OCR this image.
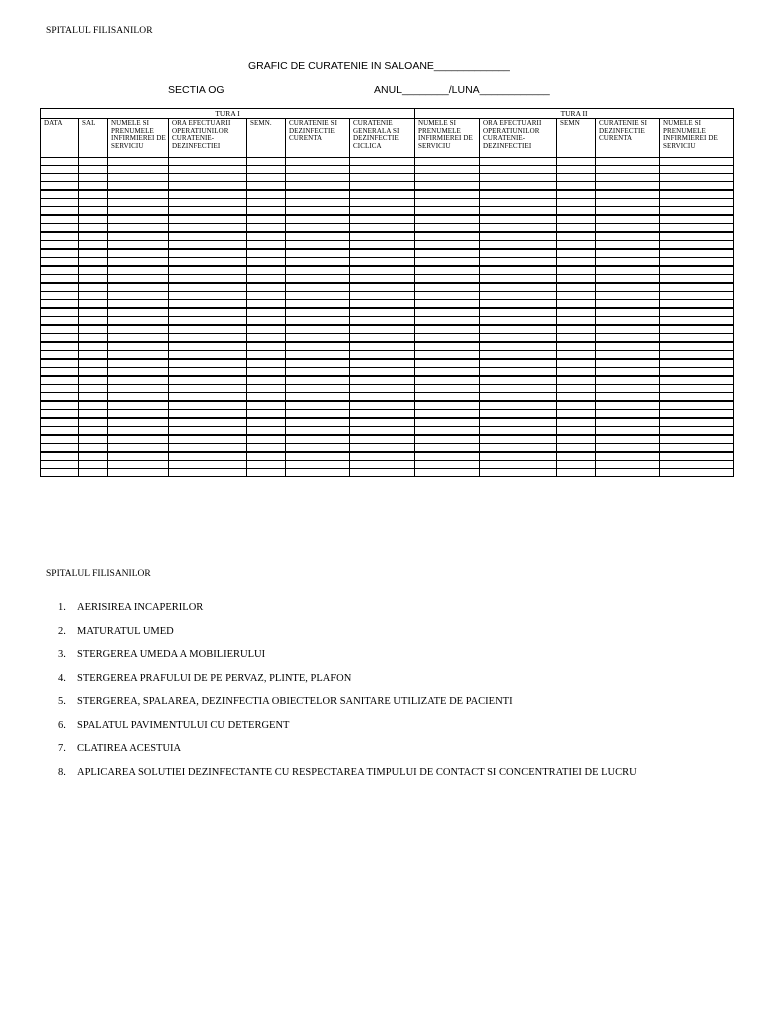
SPITALUL FILISANILOR
GRAFIC DE CURATENIE IN SALOANE_____________
SECTIA OG	ANUL________/LUNA____________
TURA I							TURA II				
DATA	SAL	NUMELE SI PRENUMELE INFIRMIEREI DE SERVICIU	ORA EFECTUARII OPERATIUNILOR CURATENIE-DEZINFECTIEI	SEMN.	CURATENIE SI DEZINFECTIE CURENTA	CURATENIE GENERALA SI DEZINFECTIE CICLICA	NUMELE SI PRENUMELE INFIRMIEREI DE SERVICIU	ORA EFECTUARII OPERATIUNILOR CURATENIE-DEZINFECTIEI	SEMN	CURATENIE SI DEZINFECTIE CURENTA	NUMELE SI PRENUMELE INFIRMIEREI DE SERVICIU

SPITALUL FILISANILOR
1.	AERISIREA INCAPERILOR
2.	MATURATUL UMED
3.	STERGEREA UMEDA A MOBILIERULUI
4.	STERGEREA PRAFULUI DE PE PERVAZ, PLINTE, PLAFON
5.	STERGEREA, SPALAREA, DEZINFECTIA OBIECTELOR SANITARE UTILIZATE DE PACIENTI
6.	SPALATUL PAVIMENTULUI CU DETERGENT
7.	CLATIREA ACESTUIA
8.	APLICAREA SOLUTIEI DEZINFECTANTE CU RESPECTAREA TIMPULUI DE CONTACT SI CONCENTRATIEI DE LUCRU
